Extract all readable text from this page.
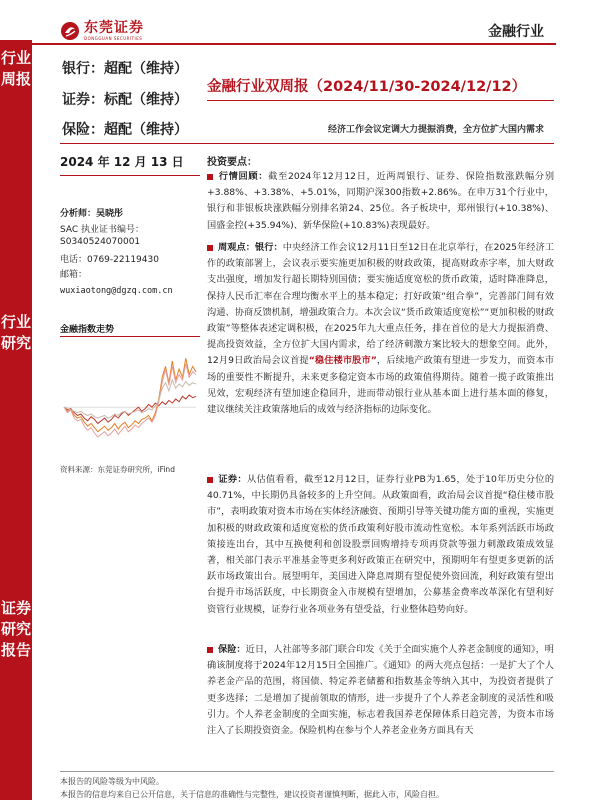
东莞证券
DONGGUAN SECURITIES	金融行业
行业周报
行业研究
证券研究报告
银行：超配（维持）
证券：标配（维持）
保险：超配（维持）
金融行业双周报（2024/11/30-2024/12/12）
经济工作会议定调大力提振消费，全方位扩大国内需求
2024 年 12 月 13 日
分析师：吴晓彤
SAC 执业证书编号：
S0340524070001
电话：0769-22119430
邮箱：
wuxiaotong@dgzq.com.cn
金融指数走势
资料来源：东莞证券研究所，iFind
投资要点：
行情回顾：截至2024年12月12日，近两周银行、证券、保险指数涨跌幅分别+3.88%、+3.38%、+5.01%，同期沪深300指数+2.86%。在申万31个行业中，银行和非银板块涨跌幅分别排名第24、25位。各子板块中，郑州银行(+10.38%)、国盛金控(+35.94%)、新华保险(+10.83%)表现最好。
周观点：银行：中央经济工作会议12月11日至12日在北京举行，在2025年经济工作的政策部署上，会议表示要实施更加积极的财政政策，提高财政赤字率，加大财政支出强度，增加发行超长期特别国债；要实施适度宽松的货币政策，适时降准降息，保持人民币汇率在合理均衡水平上的基本稳定；打好政策“组合拳”，完善部门间有效沟通、协商反馈机制，增强政策合力。本次会议“货币政策适度宽松”“更加积极的财政政策”等整体表述定调积极，在2025年九大重点任务，排在首位的是大力提振消费、提高投资效益，全方位扩大国内需求，给了经济刺激方案比较大的想象空间。此外，12月9日政治局会议首提“稳住楼市股市”，后续地产政策有望进一步发力，而资本市场的重要性不断提升，未来更多稳定资本市场的政策值得期待。随着一揽子政策推出见效，宏观经济有望加速企稳回升，进而带动银行业从基本面上进行基本面的修复，建议继续关注政策落地后的成效与经济指标的边际变化。
证券：从估值看看，截至12月12日，证券行业PB为1.65，处于10年历史分位的40.71%，中长期仍具备较多的上升空间。从政策面看，政治局会议首提“稳住楼市股市”，表明政策对资本市场在实体经济融资、预期引导等关键功能方面的重视，实施更加积极的财政政策和适度宽松的货币政策利好股市流动性宽松。本年系列活跃市场政策接连出台，其中互换便利和创设股票回购增持专项再贷款等强力刺激政策成效显著，相关部门表示平准基金等更多利好政策正在研究中，预期明年有望更多更新的活跃市场政策出台。展望明年，美国进入降息周期有望促使外资回流，利好政策有望出台提升市场活跃度，中长期资金入市规模有望增加，公募基金费率改革深化有望利好资管行业规模，证券行业各项业务有望受益，行业整体趋势向好。
保险：近日，人社部等多部门联合印发《关于全面实施个人养老金制度的通知》，明确该制度将于2024年12月15日全国推广。《通知》的两大亮点包括：一是扩大了个人养老金产品的范围，将国债、特定养老储蓄和指数基金等纳入其中，为投资者提供了更多选择；二是增加了提前领取的情形，进一步提升了个人养老金制度的灵活性和吸引力。个人养老金制度的全面实施，标志着我国养老保障体系日趋完善，为资本市场注入了长期投资资金。保险机构在参与个人养老金业务方面具有天
本报告的风险等级为中风险。
本报告的信息均来自已公开信息，关于信息的准确性与完整性，建议投资者谨慎判断，据此入市，风险自担。
